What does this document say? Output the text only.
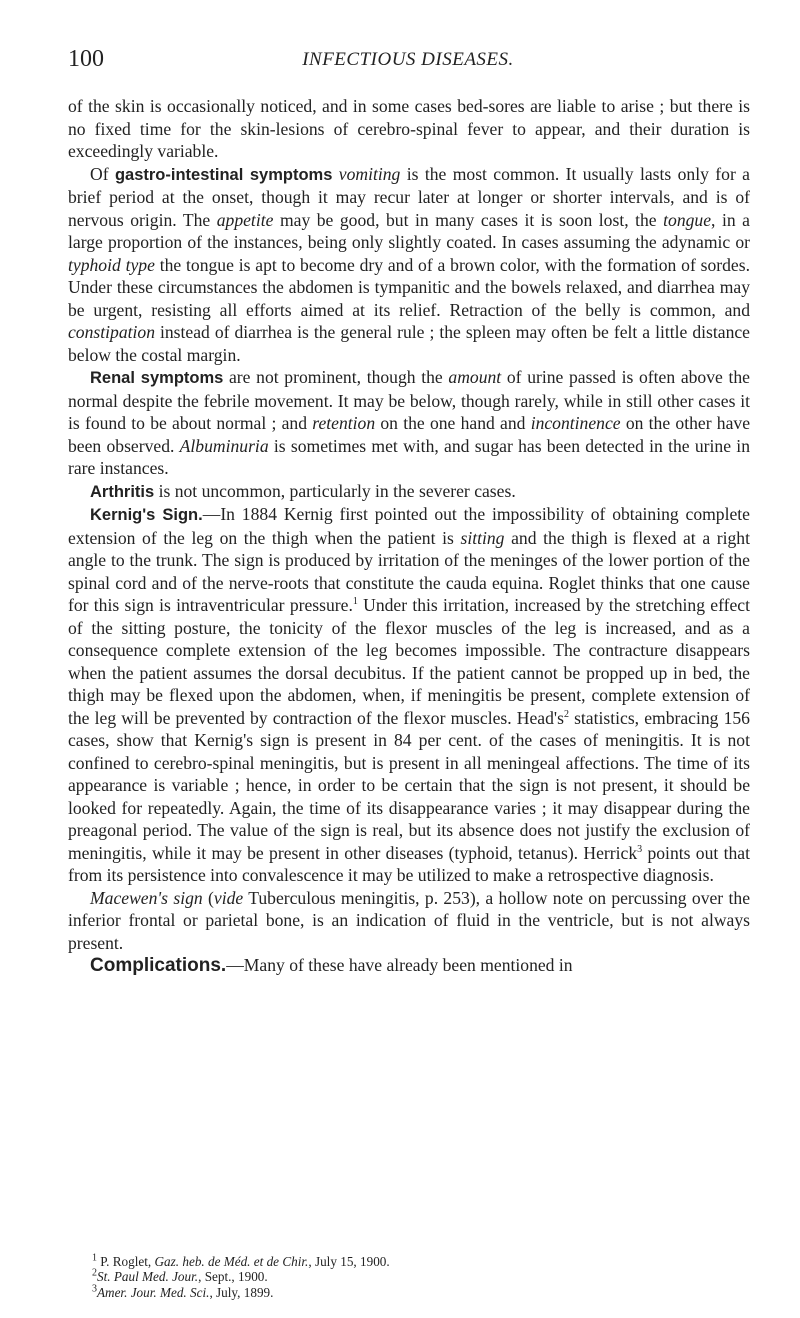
100	INFECTIOUS DISEASES.

of the skin is occasionally noticed, and in some cases bed-sores are liable to arise ; but there is no fixed time for the skin-lesions of cerebro-spinal fever to appear, and their duration is exceedingly variable.

Of gastro-intestinal symptoms vomiting is the most common. It usually lasts only for a brief period at the onset, though it may recur later at longer or shorter intervals, and is of nervous origin. The appetite may be good, but in many cases it is soon lost, the tongue, in a large proportion of the instances, being only slightly coated. In cases assuming the adynamic or typhoid type the tongue is apt to become dry and of a brown color, with the formation of sordes. Under these circumstances the abdomen is tympanitic and the bowels relaxed, and diarrhea may be urgent, resisting all efforts aimed at its relief. Retraction of the belly is common, and constipation instead of diarrhea is the general rule ; the spleen may often be felt a little distance below the costal margin.

Renal symptoms are not prominent, though the amount of urine passed is often above the normal despite the febrile movement. It may be below, though rarely, while in still other cases it is found to be about normal ; and retention on the one hand and incontinence on the other have been observed. Albuminuria is sometimes met with, and sugar has been detected in the urine in rare instances.

Arthritis is not uncommon, particularly in the severer cases.

Kernig's Sign.—In 1884 Kernig first pointed out the impossibility of obtaining complete extension of the leg on the thigh when the patient is sitting and the thigh is flexed at a right angle to the trunk. The sign is produced by irritation of the meninges of the lower portion of the spinal cord and of the nerve-roots that constitute the cauda equina. Roglet thinks that one cause for this sign is intraventricular pressure.$^1$ Under this irritation, increased by the stretching effect of the sitting posture, the tonicity of the flexor muscles of the leg is increased, and as a consequence complete extension of the leg becomes impossible. The contracture disappears when the patient assumes the dorsal decubitus. If the patient cannot be propped up in bed, the thigh may be flexed upon the abdomen, when, if meningitis be present, complete extension of the leg will be prevented by contraction of the flexor muscles. $Head's^2$ statistics, embracing 156 cases, show that Kernig's sign is present in 84 per cent. of the cases of meningitis. It is not confined to cerebro-spinal meningitis, but is present in all meningeal affections. The time of its appearance is variable ; hence, in order to be certain that the sign is not present, it should be looked for repeatedly. Again, the time of its disappearance varies ; it may disappear during the preagonal period. The value of the sign is real, but its absence does not justify the exclusion of meningitis, while it may be present in other diseases (typhoid, tetanus). Herrick$^3$ points out that from its persistence into convalescence it may be utilized to make a retrospective diagnosis.

Macewen's sign (vide Tuberculous meningitis, p. 253), a hollow note on percussing over the inferior frontal or parietal bone, is an indication of fluid in the ventricle, but is not always present.

Complications.—Many of these have already been mentioned in

$^1$ P. Roglet, Gaz. heb. de Méd. et de Chir., July 15, 1900.
$^2$St. Paul Med. Jour., Sept., 1900.
$^3$Amer. Jour. Med. Sci., July, 1899.
